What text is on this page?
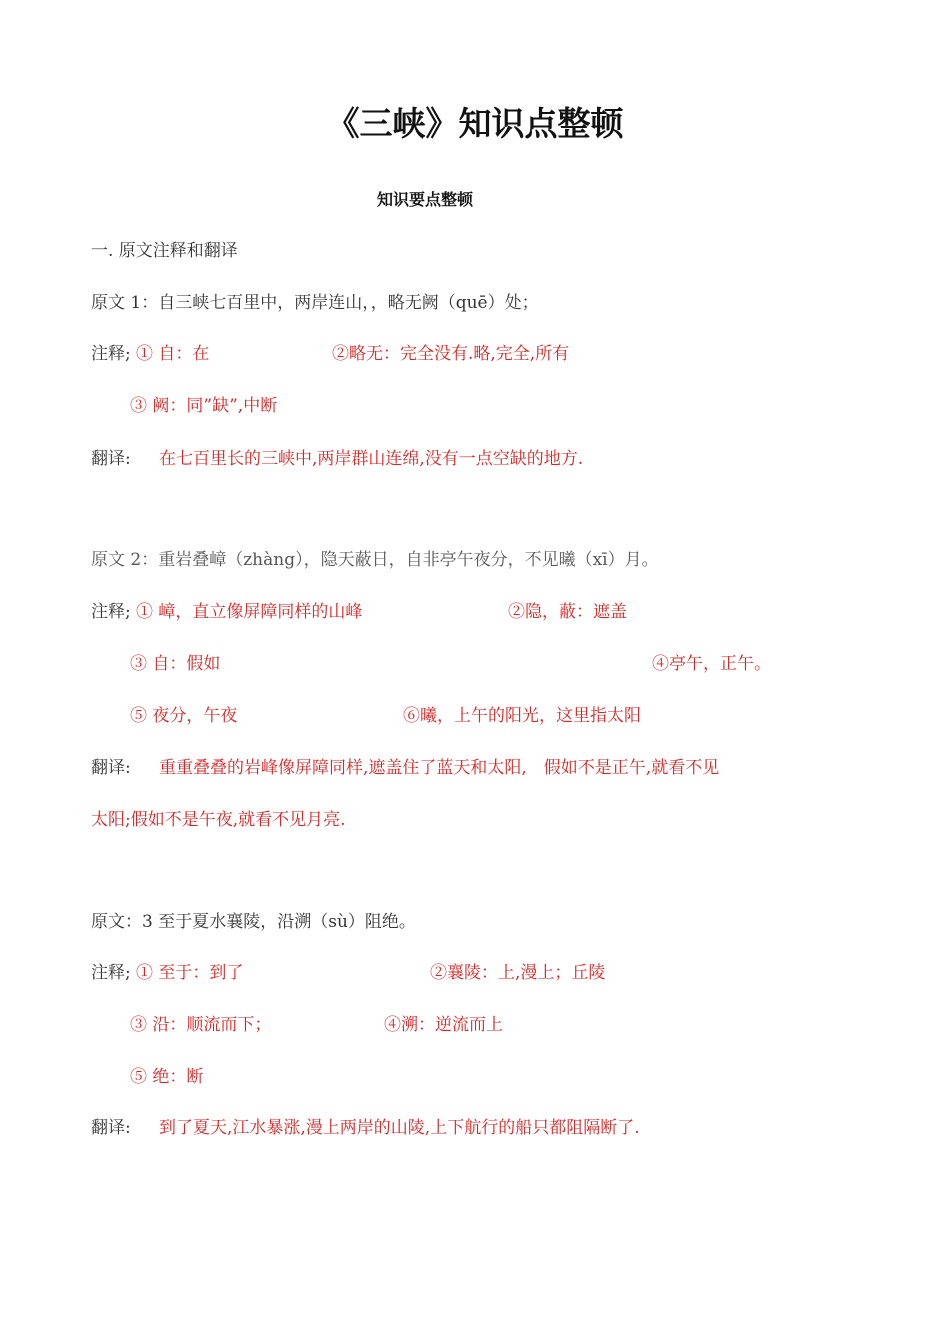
《三峡》知识点整顿
知识要点整顿
一. 原文注释和翻译
原文 1：自三峡七百里中，两岸连山，，略无阙（quē）处；
注释; ① 自：在	②略无：完全没有.略,完全,所有
③ 阙：同”缺”,中断
翻译: 在七百里长的三峡中,两岸群山连绵,没有一点空缺的地方.
原文 2：重岩叠嶂（zhàng），隐天蔽日，自非亭午夜分，不见曦（xī）月。
注释; ① 嶂，直立像屏障同样的山峰	②隐，蔽：遮盖
③ 自：假如	④亭午，正午。
⑤ 夜分，午夜	⑥曦，上午的阳光，这里指太阳
翻译: 重重叠叠的岩峰像屏障同样,遮盖住了蓝天和太阳,　假如不是正午,就看不见
太阳;假如不是午夜,就看不见月亮.
原文：3 至于夏水襄陵，沿溯（sù）阻绝。
注释; ① 至于：到了	②襄陵：上,漫上；丘陵
③ 沿：顺流而下；	④溯：逆流而上
⑤ 绝：断
翻译: 到了夏天,江水暴涨,漫上两岸的山陵,上下航行的船只都阻隔断了.
